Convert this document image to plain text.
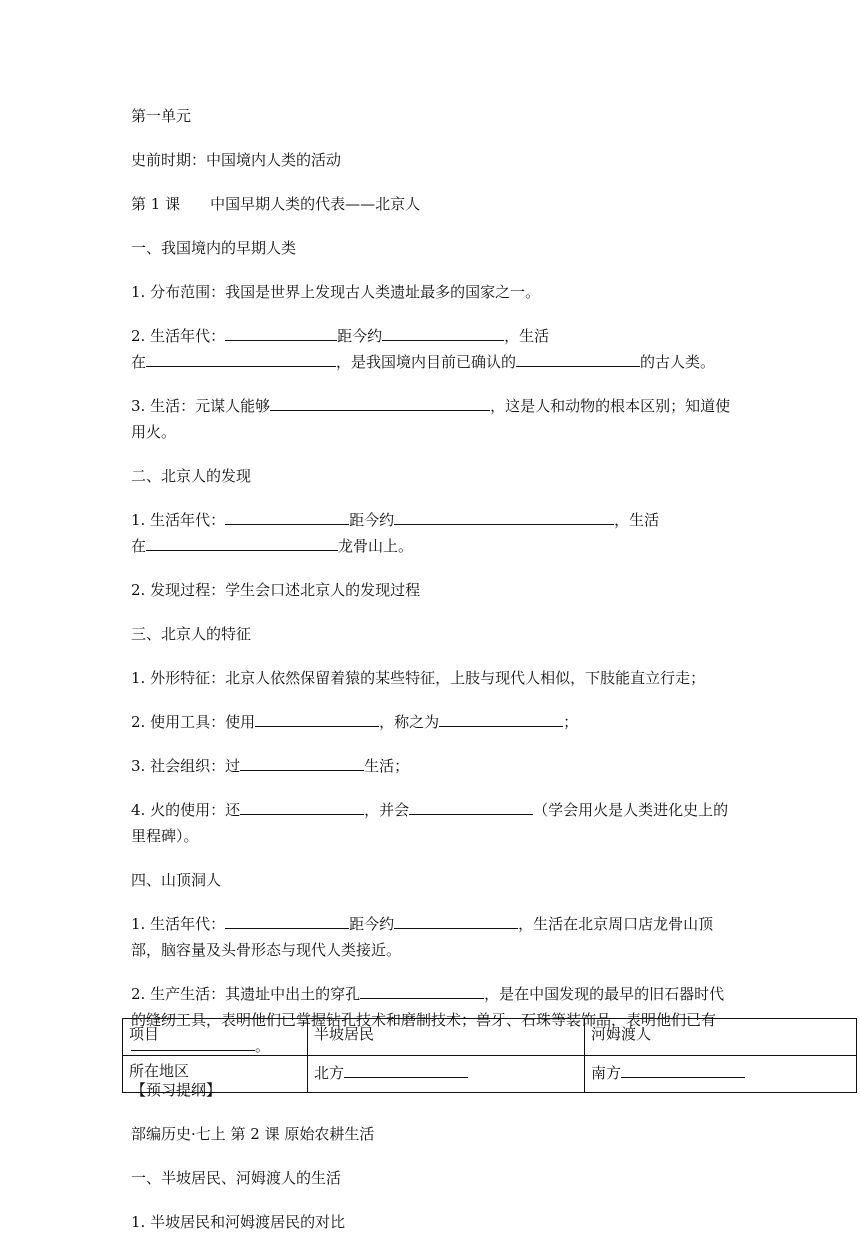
第一单元

史前时期：中国境内人类的活动

第 1 课　　中国早期人类的代表——北京人

一、我国境内的早期人类

1. 分布范围：我国是世界上发现古人类遗址最多的国家之一。

2. 生活年代：	距今约	，生活
在	，是我国境内目前已确认的	的古人类。

3. 生活：元谋人能够	，这是人和动物的根本区别；知道使用火。

二、北京人的发现

1. 生活年代：	距今约	，生活
在	龙骨山上。

2. 发现过程：学生会口述北京人的发现过程

三、北京人的特征

1. 外形特征：北京人依然保留着猿的某些特征，上肢与现代人相似，下肢能直立行走；

2. 使用工具：使用	，称之为	；

3. 社会组织：过	生活；

4. 火的使用：还	，并会	（学会用火是人类进化史上的里程碑）。

四、山顶洞人

1. 生活年代：	距今约	，生活在北京周口店龙骨山顶部，脑容量及头骨形态与现代人类接近。

2. 生产生活：其遗址中出土的穿孔	，是在中国发现的最早的旧石器时代的缝纫工具，表明他们已掌握钻孔技术和磨制技术；兽牙、石珠等装饰品，表明他们已有。

【预习提纲】

部编历史·七上 第 2 课 原始农耕生活

一、半坡居民、河姆渡人的生活

1. 半坡居民和河姆渡居民的对比

项目	半坡居民	河姆渡人
所在地区	北方	南方
